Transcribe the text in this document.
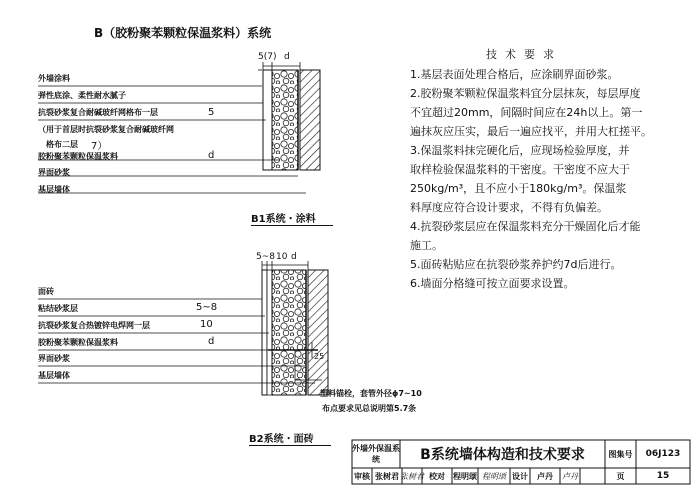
B（胶粉聚苯颗粒保温浆料）系统
5(7) d
外墙涂料
弹性底涂、柔性耐水腻子
抗裂砂浆复合耐碱玻纤网格布一层
（用于首层时抗裂砂浆复合耐碱玻纤网
格布二层
胶粉聚苯颗粒保温浆料
界面砂浆
基层墙体
5
7）
d
B1系统・涂料
5~8 10 d
面砖
粘结砂浆层
抗裂砂浆复合热镀锌电焊网一层
胶粉聚苯颗粒保温浆料
界面砂浆
基层墙体
5~8
10
d
25
塑料锚栓，套管外径ϕ7~10
布点要求见总说明第5.7条
B2系统・面砖
技术要求
1.基层表面处理合格后，应涂刷界面砂浆。
2.胶粉聚苯颗粒保温浆料宜分层抹灰，每层厚度
不宜超过20mm，间隔时间应在24h以上。第一
遍抹灰应压实，最后一遍应找平，并用大杠搓平。
3.保温浆料抹完硬化后，应现场检验厚度，并
取样检验保温浆料的干密度。干密度不应大于
250kg/m³，且不应小于180kg/m³。保温浆
料厚度应符合设计要求，不得有负偏差。
4.抗裂砂浆层应在保温浆料充分干燥固化后才能
施工。
5.面砖粘贴应在抗裂砂浆养护约7d后进行。
6.墙面分格缝可按立面要求设置。
外墙外保温系统	B系统墙体构造和技术要求	图集号	06J123
审核 张树君 张树君 校对	程明颂 程明颂 设计	卢丹	卢丹	页	15
